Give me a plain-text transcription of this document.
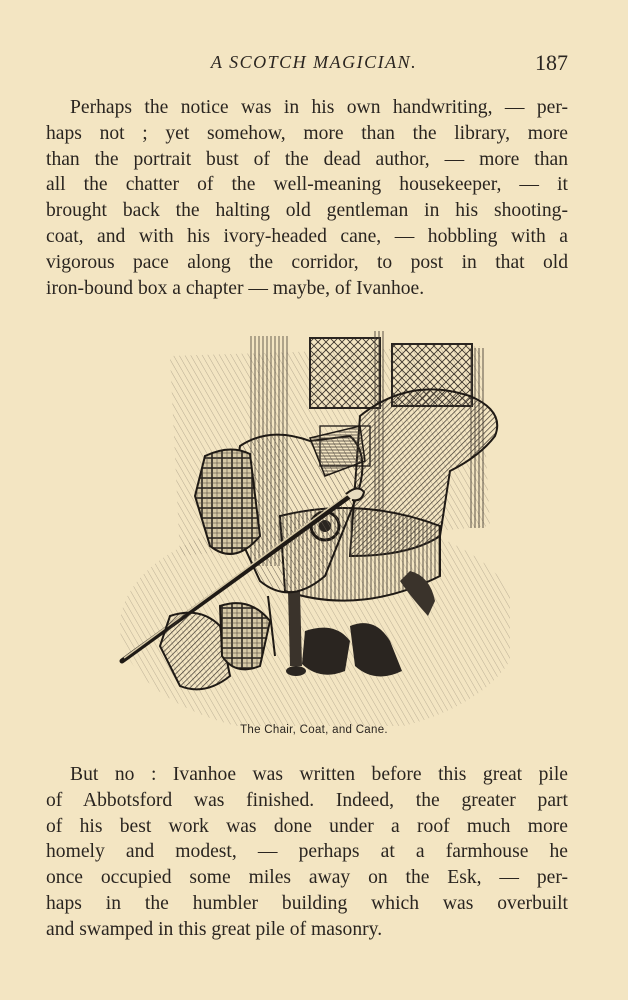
A SCOTCH MAGICIAN.	187
Perhaps the notice was in his own handwriting, — per-
haps not ; yet somehow, more than the library, more
than the portrait bust of the dead author, — more than
all the chatter of the well-meaning housekeeper, — it
brought back the halting old gentleman in his shooting-
coat, and with his ivory-headed cane, — hobbling with a
vigorous pace along the corridor, to post in that old
iron-bound box a chapter — maybe, of Ivanhoe.
The Chair, Coat, and Cane.
But no : Ivanhoe was written before this great pile
of Abbotsford was finished. Indeed, the greater part
of his best work was done under a roof much more
homely and modest, — perhaps at a farmhouse he
once occupied some miles away on the Esk, — per-
haps in the humbler building which was overbuilt
and swamped in this great pile of masonry.
